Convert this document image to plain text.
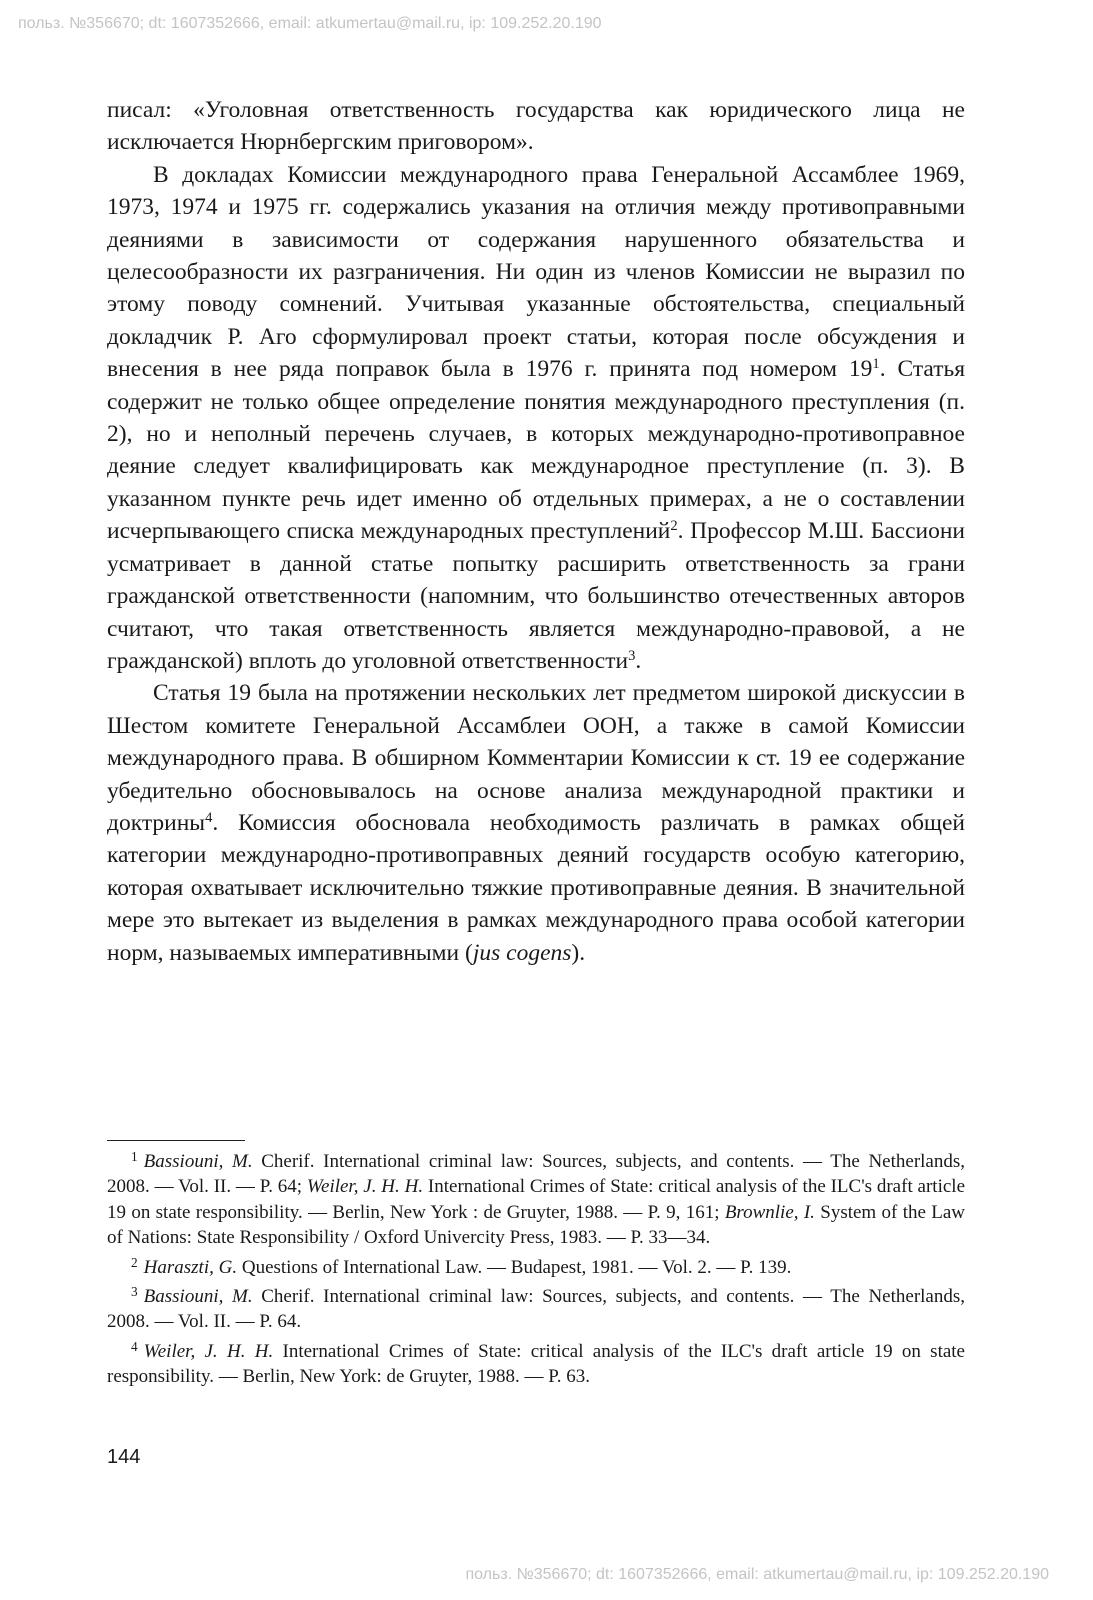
польз. №356670; dt: 1607352666, email: atkumertau@mail.ru, ip: 109.252.20.190

писал: «Уголовная ответственность государства как юридического лица не исключается Нюрнбергским приговором».

В докладах Комиссии международного права Генеральной Ассамблее 1969, 1973, 1974 и 1975 гг. содержались указания на отличия между противоправными деяниями в зависимости от содержания нарушенного обязательства и целесообразности их разграничения. Ни один из членов Комиссии не выразил по этому поводу сомнений. Учитывая указанные обстоятельства, специальный докладчик Р. Аго сформулировал проект статьи, которая после обсуждения и внесения в нее ряда поправок была в 1976 г. принята под номером $19^1$. Статья содержит не только общее определение понятия международного преступления (п. 2), но и неполный перечень случаев, в которых международно-противоправное деяние следует квалифицировать как международное преступление (п. 3). В указанном пункте речь идет именно об отдельных примерах, а не о составлении исчерпывающего списка международных преступлений$^2$. Профессор М.Ш. Бассиони усматривает в данной статье попытку расширить ответственность за грани гражданской ответственности (напомним, что большинство отечественных авторов считают, что такая ответственность является международно-правовой, а не гражданской) вплоть до уголовной ответственности$^3$.

Статья 19 была на протяжении нескольких лет предметом широкой дискуссии в Шестом комитете Генеральной Ассамблеи ООН, а также в самой Комиссии международного права. В обширном Комментарии Комиссии к ст. 19 ее содержание убедительно обосновывалось на основе анализа международной практики и доктрины$^4$. Комиссия обосновала необходимость различать в рамках общей категории международно-противоправных деяний государств особую категорию, которая охватывает исключительно тяжкие противоправные деяния. В значительной мере это вытекает из выделения в рамках международного права особой категории норм, называемых императивными (jus cogens).

$^1$ Bassiouni, M. Cherif. International criminal law: Sources, subjects, and contents. — The Netherlands, 2008. — Vol. II. — P. 64; Weiler, J. H. H. International Crimes of State: critical analysis of the ILC's draft article 19 on state responsibility. — Berlin, New York : de Gruyter, 1988. — P. 9, 161; Brownlie, I. System of the Law of Nations: State Responsibility / Oxford Univercity Press, 1983. — P. 33—34.

$^2$ Haraszti, G. Questions of International Law. — Budapest, 1981. — Vol. 2. — P. 139.

$^3$ Bassiouni, M. Cherif. International criminal law: Sources, subjects, and contents. — The Netherlands, 2008. — Vol. II. — P. 64.

$^4$ Weiler, J. H. H. International Crimes of State: critical analysis of the ILC's draft article 19 on state responsibility. — Berlin, New York: de Gruyter, 1988. — P. 63.

144
польз. №356670; dt: 1607352666, email: atkumertau@mail.ru, ip: 109.252.20.190
